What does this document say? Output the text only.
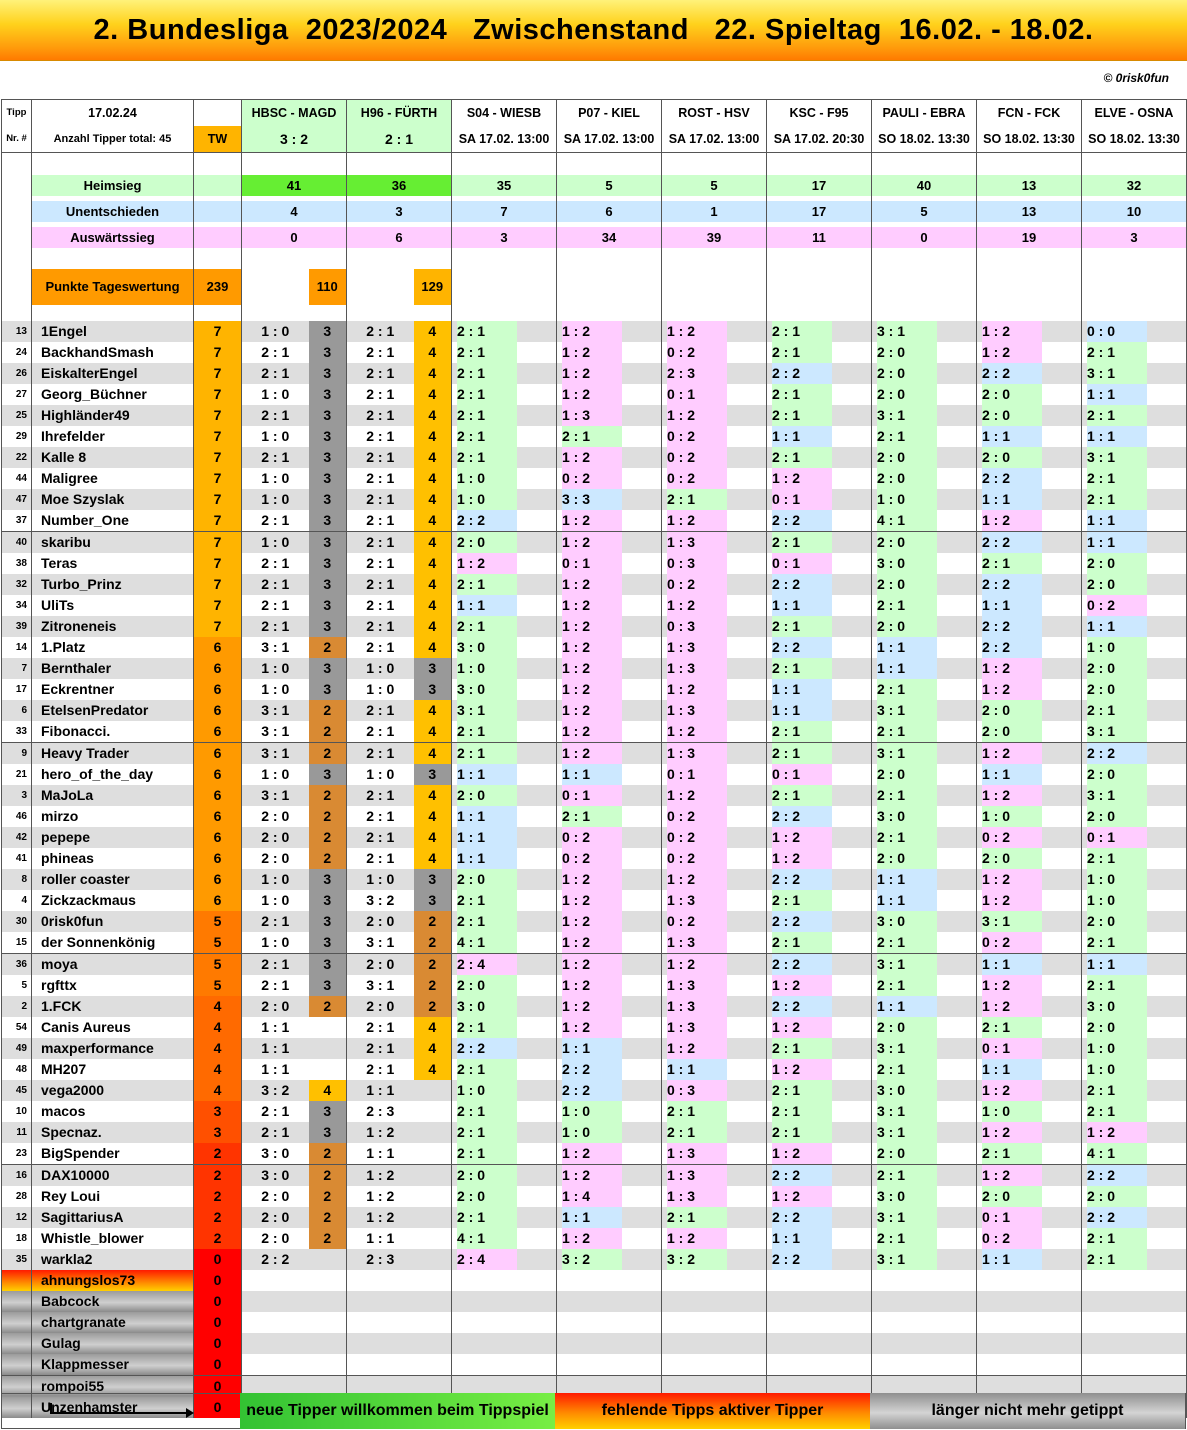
2. Bundesliga  2023/2024   Zwischenstand   22. Spieltag  16.02. - 18.02.
© 0risk0fun
Tipp	17.02.24		HBSC - MAGD		H96 - FÜRTH		S04 - WIESB	P07 - KIEL	ROST - HSV	KSC - F95	PAULI - EBRA	FCN - FCK	ELVE - OSNA
Nr. #	Anzahl Tipper total: 45	TW	3 : 2		2 : 1		SA 17.02. 13:00	SA 17.02. 13:00	SA 17.02. 13:00	SA 17.02. 20:30	SO 18.02. 13:30	SO 18.02. 13:30	SO 18.02. 13:30

	Heimsieg		41		36		35	5	5	17	40	13	32

	Unentschieden		4		3		7	6	1	17	5	13	10

	Auswärtssieg		0		6		3	34	39	11	0	19	3

	Punkte Tageswertung	239		110		129							

13	1Engel	7	1 : 0	3	2 : 1	4	2 : 1	1 : 2	1 : 2	2 : 1	3 : 1	1 : 2	0 : 0
24	BackhandSmash	7	2 : 1	3	2 : 1	4	2 : 1	1 : 2	0 : 2	2 : 1	2 : 0	1 : 2	2 : 1
26	EiskalterEngel	7	2 : 1	3	2 : 1	4	2 : 1	1 : 2	2 : 3	2 : 2	2 : 0	2 : 2	3 : 1
27	Georg_Büchner	7	1 : 0	3	2 : 1	4	2 : 1	1 : 2	0 : 1	2 : 1	2 : 0	2 : 0	1 : 1
25	Highländer49	7	2 : 1	3	2 : 1	4	2 : 1	1 : 3	1 : 2	2 : 1	3 : 1	2 : 0	2 : 1
29	Ihrefelder	7	1 : 0	3	2 : 1	4	2 : 1	2 : 1	0 : 2	1 : 1	2 : 1	1 : 1	1 : 1
22	Kalle 8	7	2 : 1	3	2 : 1	4	2 : 1	1 : 2	0 : 2	2 : 1	2 : 0	2 : 0	3 : 1
44	Maligree	7	1 : 0	3	2 : 1	4	1 : 0	0 : 2	0 : 2	1 : 2	2 : 0	2 : 2	2 : 1
47	Moe Szyslak	7	1 : 0	3	2 : 1	4	1 : 0	3 : 3	2 : 1	0 : 1	1 : 0	1 : 1	2 : 1
37	Number_One	7	2 : 1	3	2 : 1	4	2 : 2	1 : 2	1 : 2	2 : 2	4 : 1	1 : 2	1 : 1
40	skaribu	7	1 : 0	3	2 : 1	4	2 : 0	1 : 2	1 : 3	2 : 1	2 : 0	2 : 2	1 : 1
38	Teras	7	2 : 1	3	2 : 1	4	1 : 2	0 : 1	0 : 3	0 : 1	3 : 0	2 : 1	2 : 0
32	Turbo_Prinz	7	2 : 1	3	2 : 1	4	2 : 1	1 : 2	0 : 2	2 : 2	2 : 0	2 : 2	2 : 0
34	UliTs	7	2 : 1	3	2 : 1	4	1 : 1	1 : 2	1 : 2	1 : 1	2 : 1	1 : 1	0 : 2
39	Zitroneneis	7	2 : 1	3	2 : 1	4	2 : 1	1 : 2	0 : 3	2 : 1	2 : 0	2 : 2	1 : 1
14	1.Platz	6	3 : 1	2	2 : 1	4	3 : 0	1 : 2	1 : 3	2 : 2	1 : 1	2 : 2	1 : 0
7	Bernthaler	6	1 : 0	3	1 : 0	3	1 : 0	1 : 2	1 : 3	2 : 1	1 : 1	1 : 2	2 : 0
17	Eckrentner	6	1 : 0	3	1 : 0	3	3 : 0	1 : 2	1 : 2	1 : 1	2 : 1	1 : 2	2 : 0
6	EtelsenPredator	6	3 : 1	2	2 : 1	4	3 : 1	1 : 2	1 : 3	1 : 1	3 : 1	2 : 0	2 : 1
33	Fibonacci.	6	3 : 1	2	2 : 1	4	2 : 1	1 : 2	1 : 2	2 : 1	2 : 1	2 : 0	3 : 1
9	Heavy Trader	6	3 : 1	2	2 : 1	4	2 : 1	1 : 2	1 : 3	2 : 1	3 : 1	1 : 2	2 : 2
21	hero_of_the_day	6	1 : 0	3	1 : 0	3	1 : 1	1 : 1	0 : 1	0 : 1	2 : 0	1 : 1	2 : 0
3	MaJoLa	6	3 : 1	2	2 : 1	4	2 : 0	0 : 1	1 : 2	2 : 1	2 : 1	1 : 2	3 : 1
46	mirzo	6	2 : 0	2	2 : 1	4	1 : 1	2 : 1	0 : 2	2 : 2	3 : 0	1 : 0	2 : 0
42	pepepe	6	2 : 0	2	2 : 1	4	1 : 1	0 : 2	0 : 2	1 : 2	2 : 1	0 : 2	0 : 1
41	phineas	6	2 : 0	2	2 : 1	4	1 : 1	0 : 2	0 : 2	1 : 2	2 : 0	2 : 0	2 : 1
8	roller coaster	6	1 : 0	3	1 : 0	3	2 : 0	1 : 2	1 : 2	2 : 2	1 : 1	1 : 2	1 : 0
4	Zickzackmaus	6	1 : 0	3	3 : 2	3	2 : 1	1 : 2	1 : 3	2 : 1	1 : 1	1 : 2	1 : 0
30	0risk0fun	5	2 : 1	3	2 : 0	2	2 : 1	1 : 2	0 : 2	2 : 2	3 : 0	3 : 1	2 : 0
15	der Sonnenkönig	5	1 : 0	3	3 : 1	2	4 : 1	1 : 2	1 : 3	2 : 1	2 : 1	0 : 2	2 : 1
36	moya	5	2 : 1	3	2 : 0	2	2 : 4	1 : 2	1 : 2	2 : 2	3 : 1	1 : 1	1 : 1
5	rgfttx	5	2 : 1	3	3 : 1	2	2 : 0	1 : 2	1 : 3	1 : 2	2 : 1	1 : 2	2 : 1
2	1.FCK	4	2 : 0	2	2 : 0	2	3 : 0	1 : 2	1 : 3	2 : 2	1 : 1	1 : 2	3 : 0
54	Canis Aureus	4	1 : 1		2 : 1	4	2 : 1	1 : 2	1 : 3	1 : 2	2 : 0	2 : 1	2 : 0
49	maxperformance	4	1 : 1		2 : 1	4	2 : 2	1 : 1	1 : 2	2 : 1	3 : 1	0 : 1	1 : 0
48	MH207	4	1 : 1		2 : 1	4	2 : 1	2 : 2	1 : 1	1 : 2	2 : 1	1 : 1	1 : 0
45	vega2000	4	3 : 2	4	1 : 1		1 : 0	2 : 2	0 : 3	2 : 1	3 : 0	1 : 2	2 : 1
10	macos	3	2 : 1	3	2 : 3		2 : 1	1 : 0	2 : 1	2 : 1	3 : 1	1 : 0	2 : 1
11	Specnaz.	3	2 : 1	3	1 : 2		2 : 1	1 : 0	2 : 1	2 : 1	3 : 1	1 : 2	1 : 2
23	BigSpender	2	3 : 0	2	1 : 1		2 : 1	1 : 2	1 : 3	1 : 2	2 : 0	2 : 1	4 : 1
16	DAX10000	2	3 : 0	2	1 : 2		2 : 0	1 : 2	1 : 3	2 : 2	2 : 1	1 : 2	2 : 2
28	Rey Loui	2	2 : 0	2	1 : 2		2 : 0	1 : 4	1 : 3	1 : 2	3 : 0	2 : 0	2 : 0
12	SagittariusA	2	2 : 0	2	1 : 2		2 : 1	1 : 1	2 : 1	2 : 2	3 : 1	0 : 1	2 : 2
18	Whistle_blower	2	2 : 0	2	1 : 1		4 : 1	1 : 2	1 : 2	1 : 1	2 : 1	0 : 2	2 : 1
35	warkla2	0	2 : 2		2 : 3		2 : 4	3 : 2	3 : 2	2 : 2	3 : 1	1 : 1	2 : 1
	ahnungslos73	0											
	Babcock	0											
	chartgranate	0											
	Gulag	0											
	Klappmesser	0											
	rompoi55	0											
	Unzenhamster	0											neue Tipper willkommen beim Tippspiel	fehlende Tipps aktiver Tipper	länger nicht mehr getippt
